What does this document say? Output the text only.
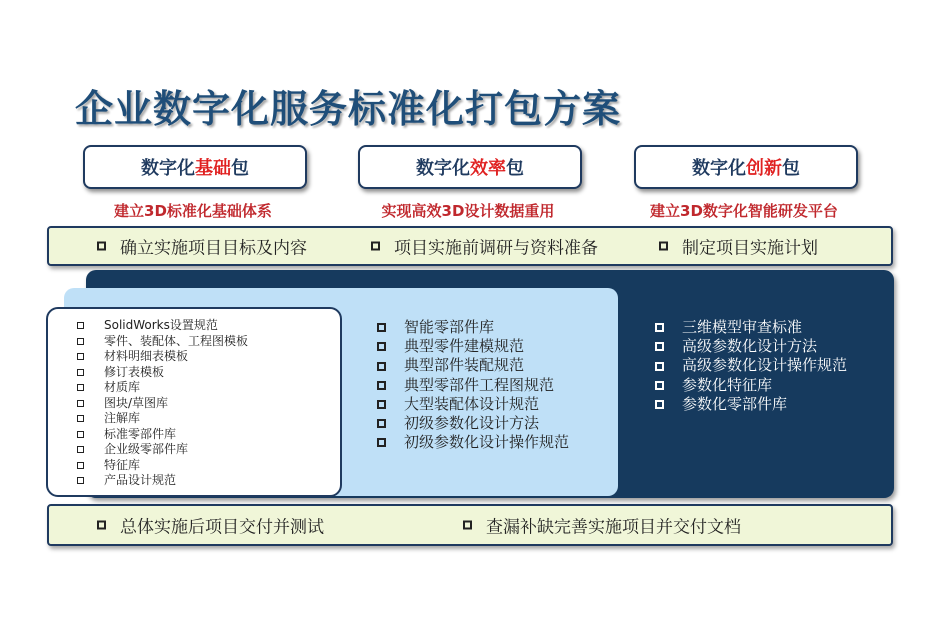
企业数字化服务标准化打包方案
数字化 基础 包	数字化 效率 包	数字化 创新 包
建立3D标准化基础体系	实现高效3D设计数据重用	建立3D数字化智能研发平台
确立实施项目目标及内容	项目实施前调研与资料准备	制定项目实施计划
SolidWorks设置规范
零件、装配体、工程图模板
材料明细表模板
修订表模板
材质库
图块/草图库
注解库
标准零部件库
企业级零部件库
特征库
产品设计规范
智能零部件库
典型零件建模规范
典型部件装配规范
典型零部件工程图规范
大型装配体设计规范
初级参数化设计方法
初级参数化设计操作规范
三维模型审查标准
高级参数化设计方法
高级参数化设计操作规范
参数化特征库
参数化零部件库
总体实施后项目交付并测试	查漏补缺完善实施项目并交付文档
